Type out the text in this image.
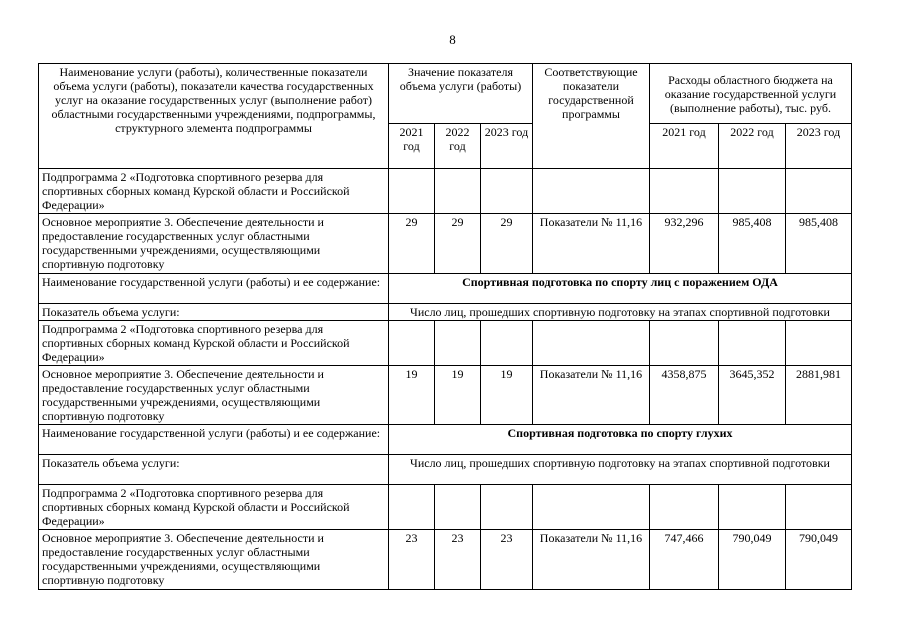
8
Наименование услуги (работы), количественные показатели объема услуги (работы), показатели качества государственных услуг на оказание государственных услуг (выполнение работ) областными государственными учреждениями, подпрограммы, структурного элемента подпрограммы	Значение показателя объема услуги (работы)			Соответствующие показатели государственной программы	Расходы областного бюджета на оказание государственной услуги (выполнение работы), тыс. руб.		
	2021 год	2022 год	2023 год		2021 год	2022 год	2023 год
Подпрограмма 2 «Подготовка спортивного резерва для спортивных сборных команд Курской области и Российской Федерации»							
Основное мероприятие 3. Обеспечение деятельности и предоставление государственных услуг областными государственными учреждениями, осуществляющими спортивную подготовку	29	29	29	Показатели № 11,16	932,296	985,408	985,408
Наименование государственной услуги (работы) и ее содержание:	Спортивная подготовка по спорту лиц с поражением ОДА						
Показатель объема услуги:	Число лиц, прошедших спортивную подготовку на этапах спортивной подготовки						
Подпрограмма 2 «Подготовка спортивного резерва для спортивных сборных команд Курской области и Российской Федерации»							
Основное мероприятие 3. Обеспечение деятельности и предоставление государственных услуг областными государственными учреждениями, осуществляющими спортивную подготовку	19	19	19	Показатели № 11,16	4358,875	3645,352	2881,981
Наименование государственной услуги (работы) и ее содержание:	Спортивная подготовка по спорту глухих						
Показатель объема услуги:	Число лиц, прошедших спортивную подготовку на этапах спортивной подготовки						
Подпрограмма 2 «Подготовка спортивного резерва для спортивных сборных команд Курской области и Российской Федерации»							
Основное мероприятие 3. Обеспечение деятельности и предоставление государственных услуг областными государственными учреждениями, осуществляющими спортивную подготовку	23	23	23	Показатели № 11,16	747,466	790,049	790,049
